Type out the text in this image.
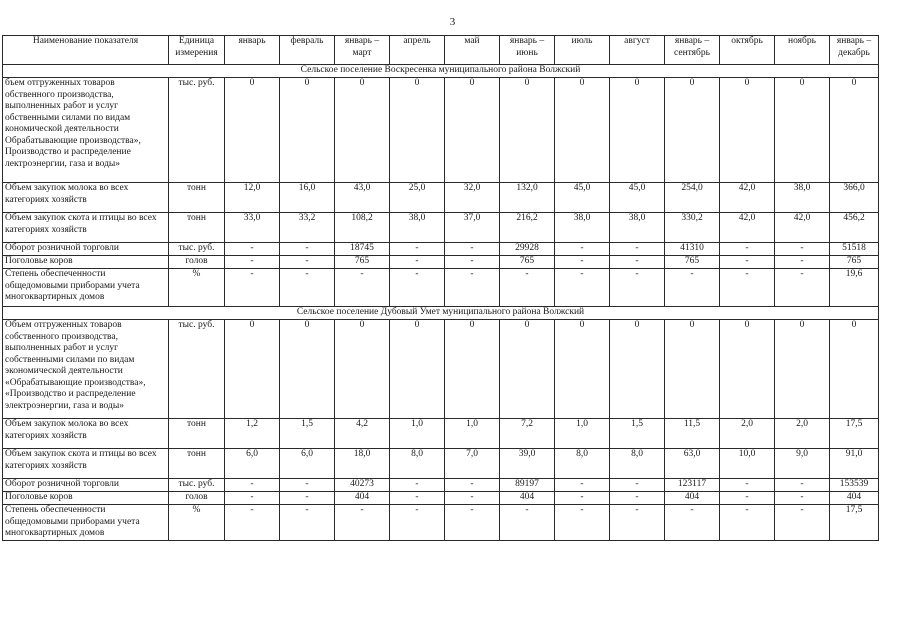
3
Наименование показателя	Единица измерения	январь	февраль	январь – март	апрель	май	январь – июнь	июль	август	январь – сентябрь	октябрь	ноябрь	январь – декабрь
Сельское поселение Воскресенка муниципального района Волжский													
бъем отгруженных товаров обственного производства, выполненных работ и услуг обственными силами по видам кономической деятельности Обрабатывающие производства», Производство и распределение лектроэнергии, газа и воды»	тыс. руб.	0	0	0	0	0	0	0	0	0	0	0	0
Объем закупок молока во всех категориях хозяйств	тонн	12,0	16,0	43,0	25,0	32,0	132,0	45,0	45,0	254,0	42,0	38,0	366,0
Объем закупок скота и птицы во всех категориях хозяйств	тонн	33,0	33,2	108,2	38,0	37,0	216,2	38,0	38,0	330,2	42,0	42,0	456,2
Оборот розничной торговли	тыс. руб.	-	-	18745	-	-	29928	-	-	41310	-	-	51518
Поголовье коров	голов	-	-	765	-	-	765	-	-	765	-	-	765
Степень обеспеченности общедомовыми приборами учета многоквартирных домов	%	-	-	-	-	-	-	-	-	-	-	-	19,6
Сельское поселение Дубовый Умет муниципального района Волжский													
Объем отгруженных товаров собственного производства, выполненных работ и услуг собственными силами по видам экономической деятельности «Обрабатывающие производства», «Производство и распределение электроэнергии, газа и воды»	тыс. руб.	0	0	0	0	0	0	0	0	0	0	0	0
Объем закупок молока во всех категориях хозяйств	тонн	1,2	1,5	4,2	1,0	1,0	7,2	1,0	1,5	11,5	2,0	2,0	17,5
Объем закупок скота и птицы во всех категориях хозяйств	тонн	6,0	6,0	18,0	8,0	7,0	39,0	8,0	8,0	63,0	10,0	9,0	91,0
Оборот розничной торговли	тыс. руб.	-	-	40273	-	-	89197	-	-	123117	-	-	153539
Поголовье коров	голов	-	-	404	-	-	404	-	-	404	-	-	404
Степень обеспеченности общедомовыми приборами учета многоквартирных домов	%	-	-	-	-	-	-	-	-	-	-	-	17,5
